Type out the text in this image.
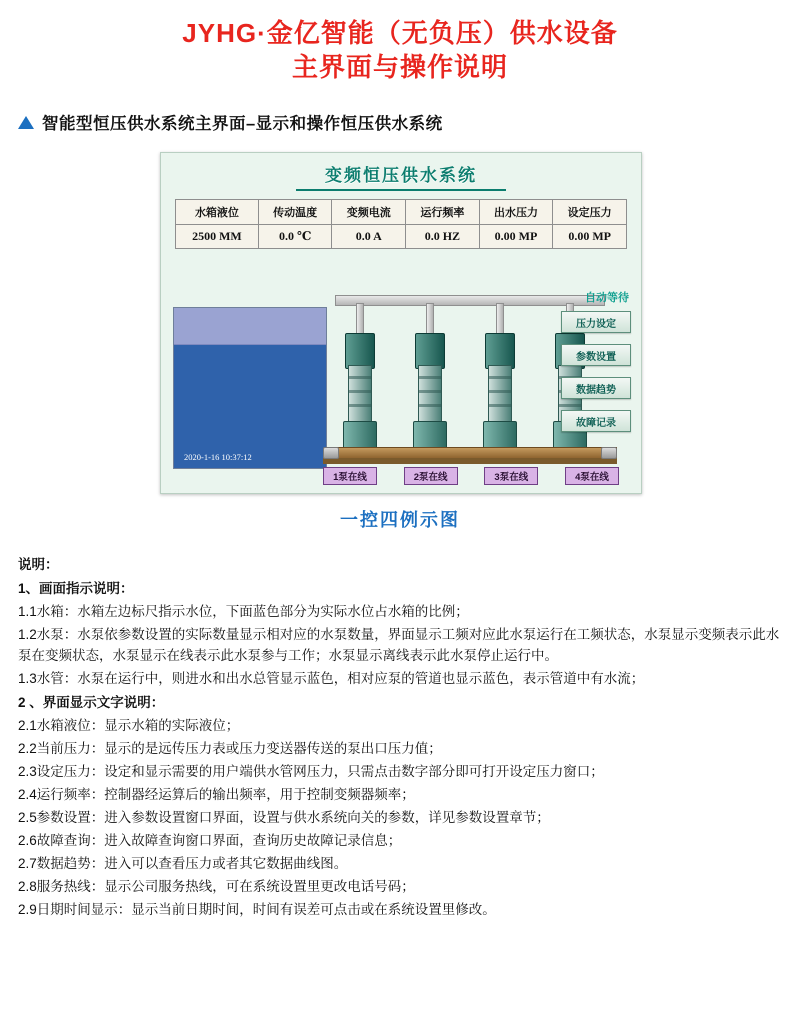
JYHG·金亿智能（无负压）供水设备
主界面与操作说明
智能型恒压供水系统主界面–显示和操作恒压供水系统
变频恒压供水系统
水箱液位	传动温度	变频电流	运行频率	出水压力	设定压力
2500 MM	0.0 ℃	0.0 A	0.0 HZ	0.00 MP	0.00 MP
2020-1-16 10:37:12
自动等待
压力设定
参数设置
数据趋势
故障记录
1泵在线	2泵在线	3泵在线	4泵在线
一控四例示图

说明：

1、画面指示说明：

1.1水箱：水箱左边标尺指示水位，下面蓝色部分为实际水位占水箱的比例；

1.2水泵：水泵依参数设置的实际数量显示相对应的水泵数量，界面显示工频对应此水泵运行在工频状态，水泵显示变频表示此水泵在变频状态，水泵显示在线表示此水泵参与工作；水泵显示离线表示此水泵停止运行中。

1.3水管：水泵在运行中，则进水和出水总管显示蓝色，相对应泵的管道也显示蓝色，表示管道中有水流；

2 、界面显示文字说明：

2.1水箱液位：显示水箱的实际液位；

2.2当前压力：显示的是远传压力表或压力变送器传送的泵出口压力值；

2.3设定压力：设定和显示需要的用户端供水管网压力，只需点击数字部分即可打开设定压力窗口；

2.4运行频率：控制器经运算后的输出频率，用于控制变频器频率；

2.5参数设置：进入参数设置窗口界面，设置与供水系统向关的参数，详见参数设置章节；

2.6故障查询：进入故障查询窗口界面，查询历史故障记录信息；

2.7数据趋势：进入可以查看压力或者其它数据曲线图。

2.8服务热线：显示公司服务热线，可在系统设置里更改电话号码；

2.9日期时间显示：显示当前日期时间，时间有误差可点击或在系统设置里修改。
